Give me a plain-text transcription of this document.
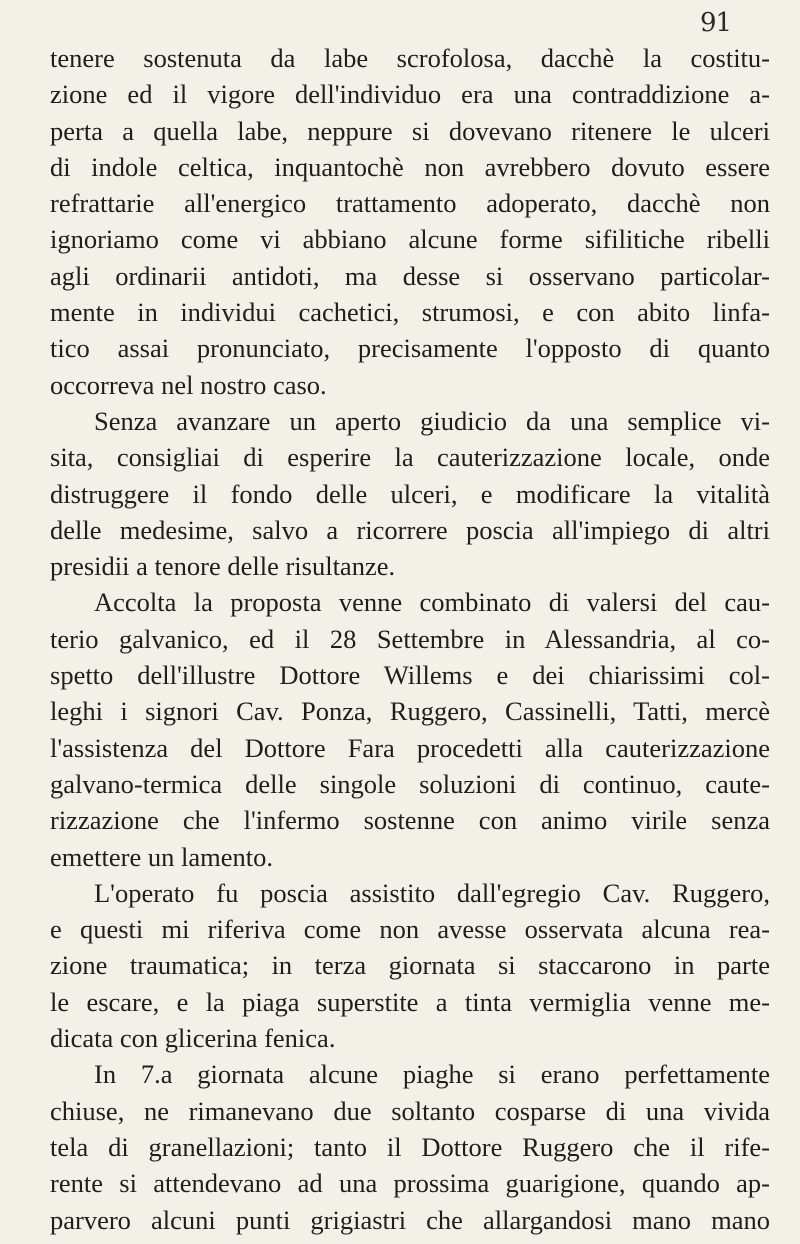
91
tenere sostenuta da labe scrofolosa, dacchè la costitu-
zione ed il vigore dell'individuo era una contraddizione a-
perta a quella labe, neppure si dovevano ritenere le ulceri
di indole celtica, inquantochè non avrebbero dovuto essere
refrattarie all'energico trattamento adoperato, dacchè non
ignoriamo come vi abbiano alcune forme sifilitiche ribelli
agli ordinarii antidoti, ma desse si osservano particolar-
mente in individui cachetici, strumosi, e con abito linfa-
tico assai pronunciato, precisamente l'opposto di quanto
occorreva nel nostro caso.
Senza avanzare un aperto giudicio da una semplice vi-
sita, consigliai di esperire la cauterizzazione locale, onde
distruggere il fondo delle ulceri, e modificare la vitalità
delle medesime, salvo a ricorrere poscia all'impiego di altri
presidii a tenore delle risultanze.
Accolta la proposta venne combinato di valersi del cau-
terio galvanico, ed il 28 Settembre in Alessandria, al co-
spetto dell'illustre Dottore Willems e dei chiarissimi col-
leghi i signori Cav. Ponza, Ruggero, Cassinelli, Tatti, mercè
l'assistenza del Dottore Fara procedetti alla cauterizzazione
galvano-termica delle singole soluzioni di continuo, caute-
rizzazione che l'infermo sostenne con animo virile senza
emettere un lamento.
L'operato fu poscia assistito dall'egregio Cav. Ruggero,
e questi mi riferiva come non avesse osservata alcuna rea-
zione traumatica; in terza giornata si staccarono in parte
le escare, e la piaga superstite a tinta vermiglia venne me-
dicata con glicerina fenica.
In 7.a giornata alcune piaghe si erano perfettamente
chiuse, ne rimanevano due soltanto cosparse di una vivida
tela di granellazioni; tanto il Dottore Ruggero che il rife-
rente si attendevano ad una prossima guarigione, quando ap-
parvero alcuni punti grigiastri che allargandosi mano mano
